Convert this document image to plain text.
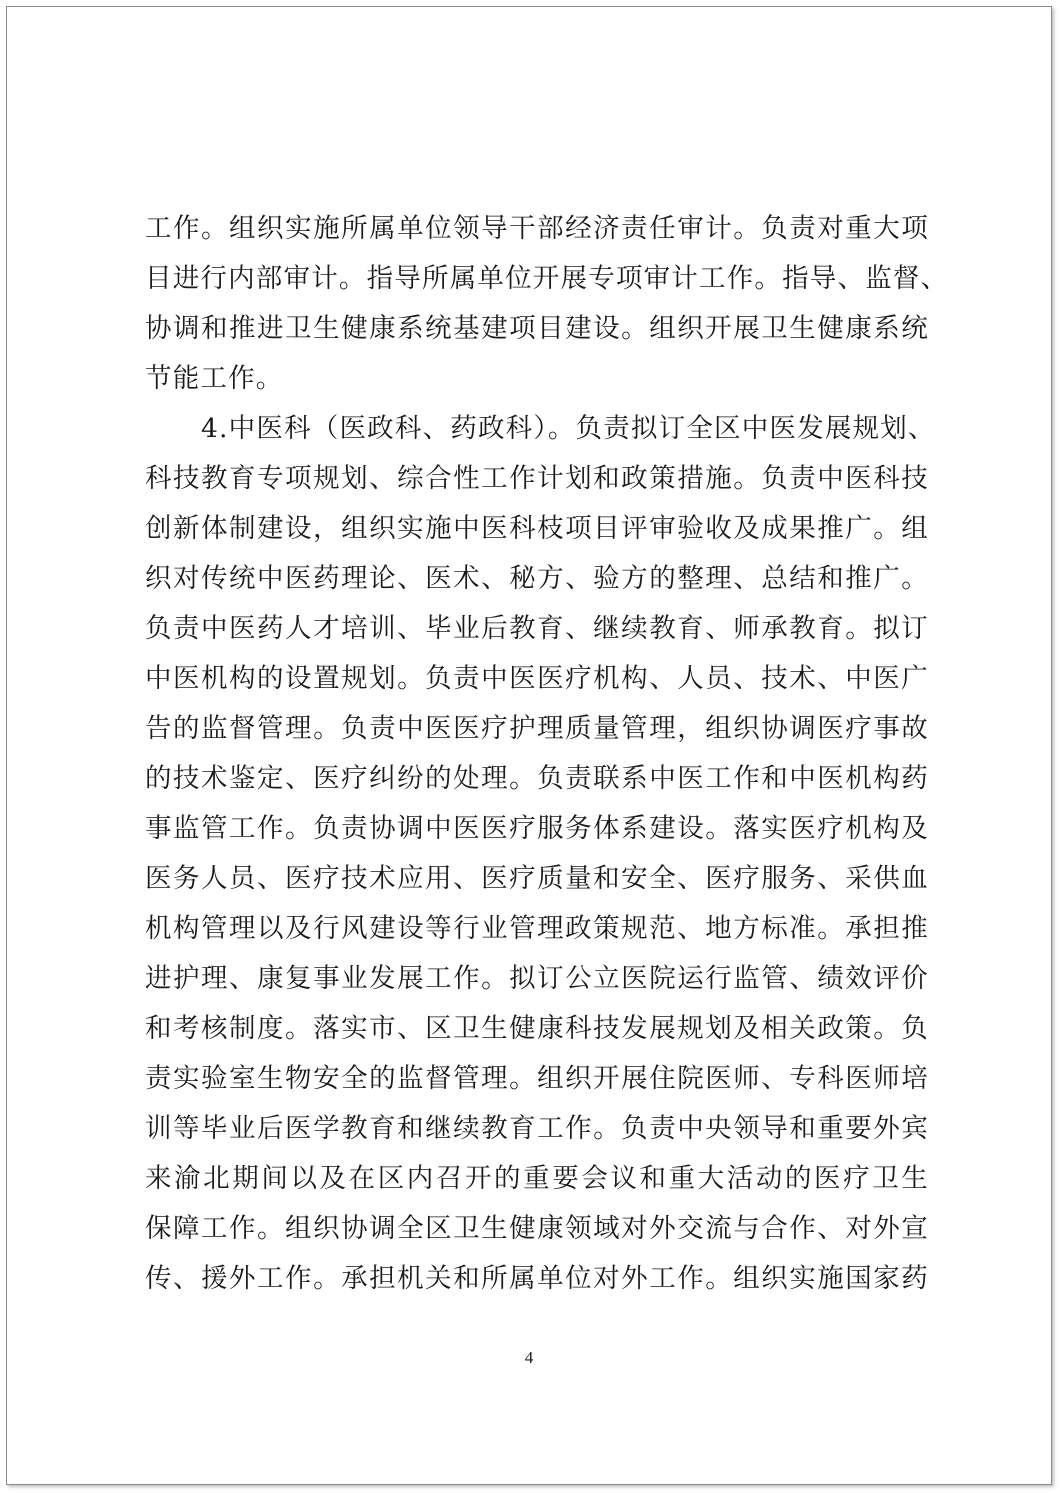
工作。组织实施所属单位领导干部经济责任审计。负责对重大项
目进行内部审计。指导所属单位开展专项审计工作。指导、监督、
协调和推进卫生健康系统基建项目建设。组织开展卫生健康系统
节能工作。
4.中医科（医政科、药政科）。负责拟订全区中医发展规划、
科技教育专项规划、综合性工作计划和政策措施。负责中医科技
创新体制建设，组织实施中医科枝项目评审验收及成果推广。组
织对传统中医药理论、医术、秘方、验方的整理、总结和推广。
负责中医药人才培训、毕业后教育、继续教育、师承教育。拟订
中医机构的设置规划。负责中医医疗机构、人员、技术、中医广
告的监督管理。负责中医医疗护理质量管理，组织协调医疗事故
的技术鉴定、医疗纠纷的处理。负责联系中医工作和中医机构药
事监管工作。负责协调中医医疗服务体系建设。落实医疗机构及
医务人员、医疗技术应用、医疗质量和安全、医疗服务、采供血
机构管理以及行风建设等行业管理政策规范、地方标准。承担推
进护理、康复事业发展工作。拟订公立医院运行监管、绩效评价
和考核制度。落实市、区卫生健康科技发展规划及相关政策。负
责实验室生物安全的监督管理。组织开展住院医师、专科医师培
训等毕业后医学教育和继续教育工作。负责中央领导和重要外宾
来渝北期间以及在区内召开的重要会议和重大活动的医疗卫生
保障工作。组织协调全区卫生健康领域对外交流与合作、对外宣
传、援外工作。承担机关和所属单位对外工作。组织实施国家药
4
